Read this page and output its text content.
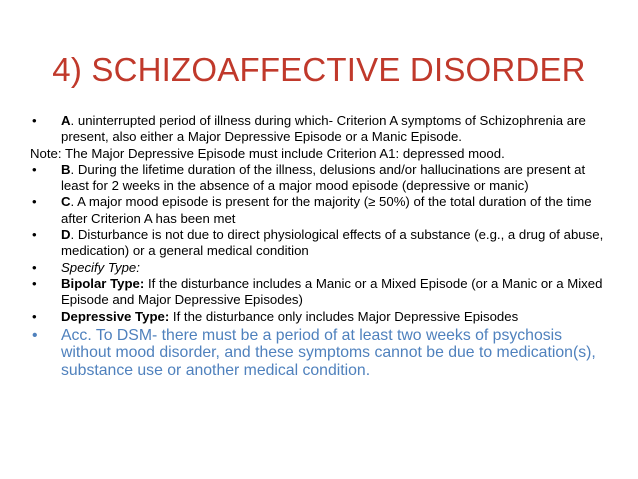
4) SCHIZOAFFECTIVE DISORDER
• A. uninterrupted period of illness during which- Criterion A symptoms of Schizophrenia are present, also either a Major Depressive Episode or a Manic Episode.
Note: The Major Depressive Episode must include Criterion A1: depressed mood.
• B. During the lifetime duration of the illness, delusions and/or hallucinations are present at least for 2 weeks in the absence of a major mood episode (depressive or manic)
• C. A major mood episode is present for the majority (≥ 50%) of the total duration of the time after Criterion A has been met
• D. Disturbance is not due to direct physiological effects of a substance (e.g., a drug of abuse, medication) or a general medical condition
• Specify Type:
• Bipolar Type: If the disturbance includes a Manic or a Mixed Episode (or a Manic or a Mixed Episode and Major Depressive Episodes)
• Depressive Type: If the disturbance only includes Major Depressive Episodes
• Acc. To DSM- there must be a period of at least two weeks of psychosis without mood disorder, and these symptoms cannot be due to medication(s), substance use or another medical condition.
